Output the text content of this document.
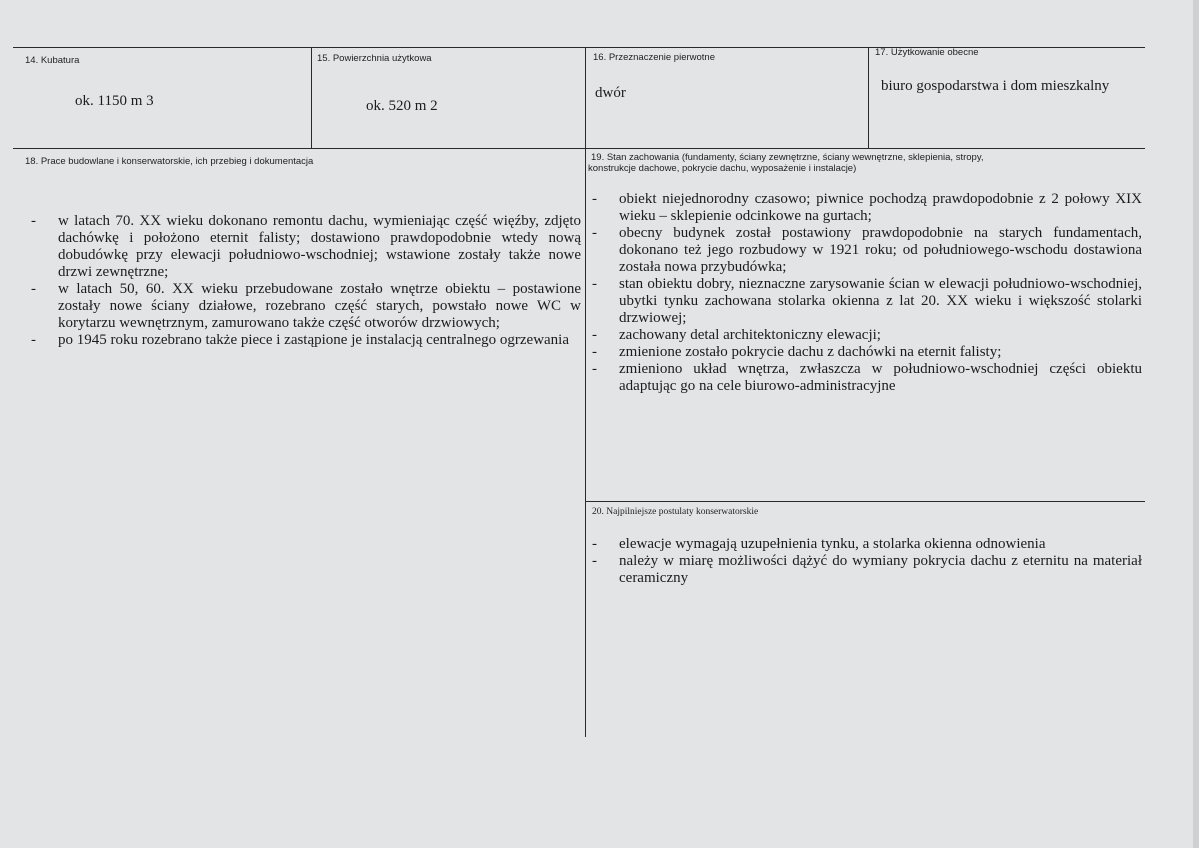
14. Kubatura
ok. 1150 m 3
15. Powierzchnia użytkowa
ok. 520 m 2
16. Przeznaczenie pierwotne
dwór
17. Użytkowanie obecne
biuro gospodarstwa i dom mieszkalny
18. Prace budowlane i konserwatorskie, ich przebieg i dokumentacja
- w latach 70. XX wieku dokonano remontu dachu, wymieniając część więźby, zdjęto dachówkę i położono eternit falisty; dostawiono prawdopodobnie wtedy nową dobudówkę przy elewacji południowo-wschodniej; wstawione zostały także nowe drzwi zewnętrzne;
- w latach 50, 60. XX wieku przebudowane zostało wnętrze obiektu – postawione zostały nowe ściany działowe, rozebrano część starych, powstało nowe WC w korytarzu wewnętrznym, zamurowano także część otworów drzwiowych;
- po 1945 roku rozebrano także piece i zastąpione je instalacją centralnego ogrzewania
19. Stan zachowania (fundamenty, ściany zewnętrzne, ściany wewnętrzne, sklepienia, stropy,
konstrukcje dachowe, pokrycie dachu, wyposażenie i instalacje)
- obiekt niejednorodny czasowo; piwnice pochodzą prawdopodobnie z 2 połowy XIX wieku – sklepienie odcinkowe na gurtach;
- obecny budynek został postawiony prawdopodobnie na starych fundamentach, dokonano też jego rozbudowy w 1921 roku; od południowego-wschodu dostawiona została nowa przybudówka;
- stan obiektu dobry, nieznaczne zarysowanie ścian w elewacji południowo-wschodniej, ubytki tynku zachowana stolarka okienna z lat 20. XX wieku i większość stolarki drzwiowej;
- zachowany detal architektoniczny elewacji;
- zmienione zostało pokrycie dachu z dachówki na eternit falisty;
- zmieniono układ wnętrza, zwłaszcza w południowo-wschodniej części obiektu adaptując go na cele biurowo-administracyjne
20. Najpilniejsze postulaty konserwatorskie
- elewacje wymagają uzupełnienia tynku, a stolarka okienna odnowienia
- należy w miarę możliwości dążyć do wymiany pokrycia dachu z eternitu na materiał ceramiczny
